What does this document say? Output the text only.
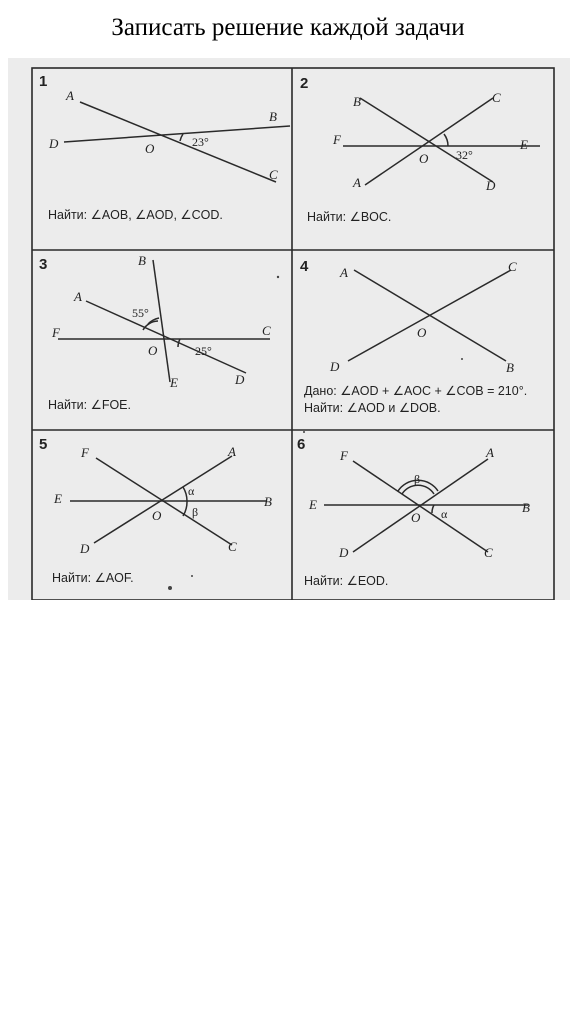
Записать решение каждой задачи
1
A
B
D	O
C
23°
Найти: ∠AOB, ∠AOD, ∠COD.
2
B	C
F	E
O
A	D
32°
Найти: ∠BOC.
3	B
A
55°
F	C
O	25°
D
E
Найти: ∠FOE.
4 A	C
O
D	B
Дано: ∠AOD + ∠AOC + ∠COB = 210°.
Найти: ∠AOD и ∠DOB.
5	F	A
E	B
α
β
O
D	C
Найти: ∠AOF.
6
F	A
β
E	B
O α
D	C
Найти: ∠EOD.
